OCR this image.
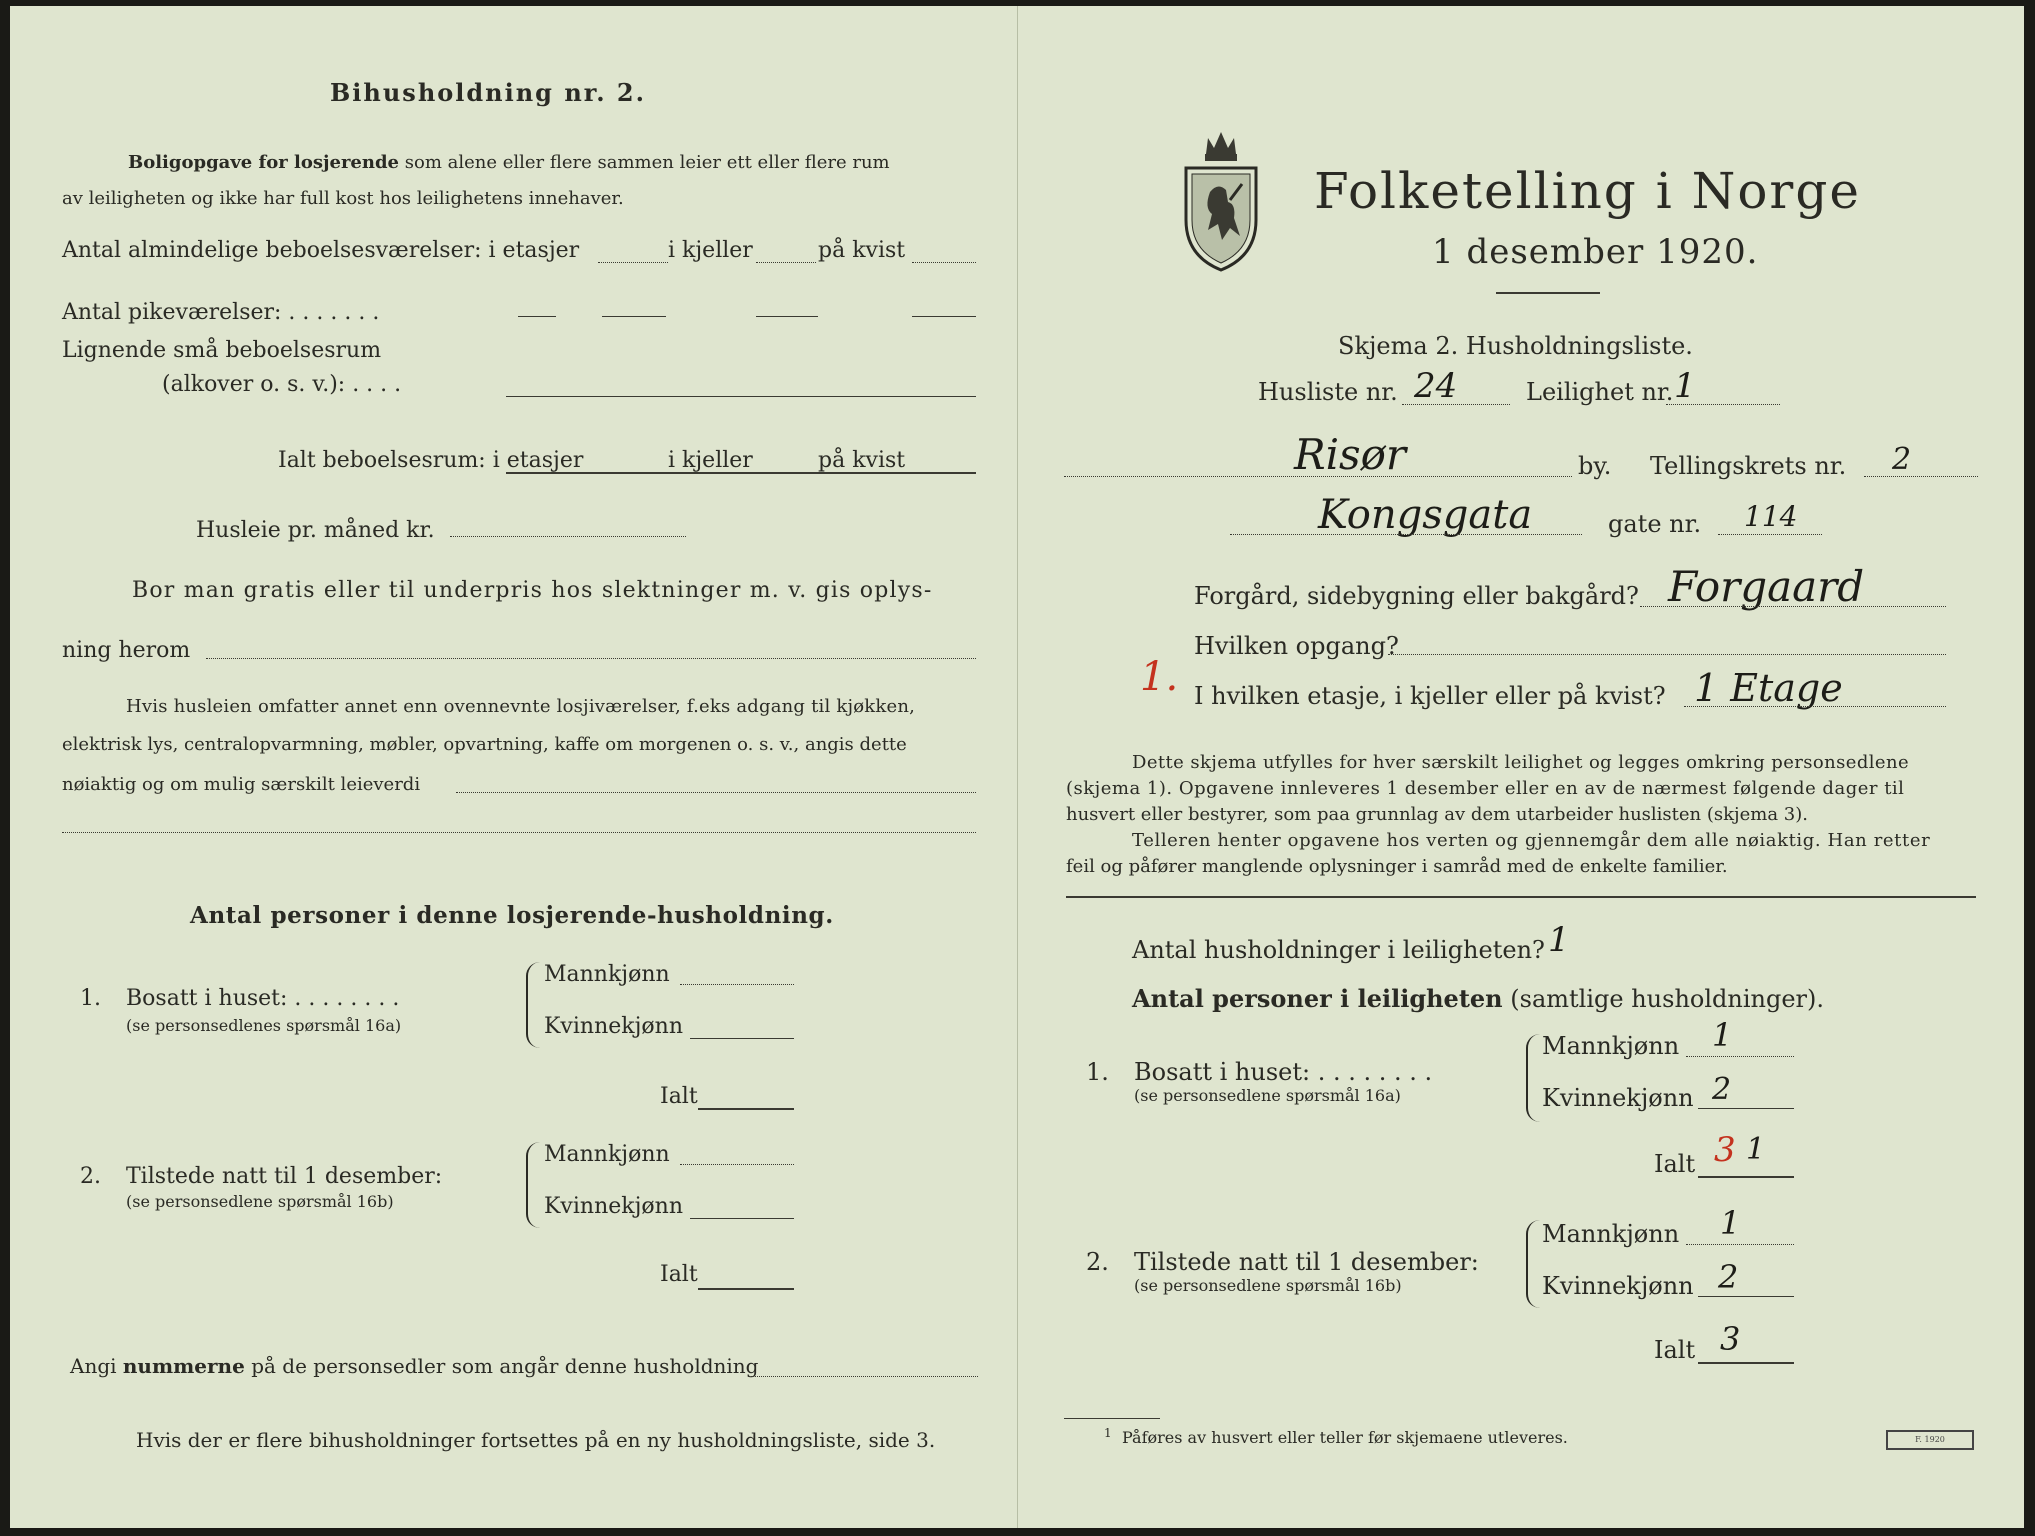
Bihusholdning nr. 2.
Boligopgave for losjerende som alene eller flere sammen leier ett eller flere rum
av leiligheten og ikke har full kost hos leilighetens innehaver.
Antal almindelige beboelsesværelser: i etasjer	i kjeller	på kvist
Antal pikeværelser: . . . . . . .
Lignende små beboelsesrum
(alkover o. s. v.): . . . .
Ialt beboelsesrum: i etasjer	i kjeller	på kvist
Husleie pr. måned kr.
Bor man gratis eller til underpris hos slektninger m. v. gis oplys-
ning herom
Hvis husleien omfatter annet enn ovennevnte losjiværelser, f.eks adgang til kjøkken,
elektrisk lys, centralopvarmning, møbler, opvartning, kaffe om morgenen o. s. v., angis dette
nøiaktig og om mulig særskilt leieverdi
Antal personer i denne losjerende-husholdning.
1. Bosatt i huset: . . . . . . . .
(se personsedlenes spørsmål 16a)
Mannkjønn
Kvinnekjønn
Ialt
2. Tilstede natt til 1 desember:
(se personsedlene spørsmål 16b)
Mannkjønn
Kvinnekjønn
Ialt
Angi nummerne på de personsedler som angår denne husholdning
Hvis der er flere bihusholdninger fortsettes på en ny husholdningsliste, side 3.
Folketelling i Norge
1 desember 1920.
Skjema 2. Husholdningsliste.
Husliste nr. 24	Leilighet nr. 1
Risør	by. Tellingskrets nr. 2
Kongsgata	gate nr. 114
Forgård, sidebygning eller bakgård? Forgaard
Hvilken opgang?
1. I hvilken etasje, i kjeller eller på kvist? 1 Etage
Dette skjema utfylles for hver særskilt leilighet og legges omkring personsedlene
(skjema 1). Opgavene innleveres 1 desember eller en av de nærmest følgende dager til
husvert eller bestyrer, som paa grunnlag av dem utarbeider huslisten (skjema 3).
Telleren henter opgavene hos verten og gjennemgår dem alle nøiaktig. Han retter
feil og påfører manglende oplysninger i samråd med de enkelte familier.
Antal husholdninger i leiligheten? 1
Antal personer i leiligheten (samtlige husholdninger).
1. Bosatt i huset: . . . . . . . .
(se personsedlene spørsmål 16a)
Mannkjønn 1
Kvinnekjønn 2
Ialt 3 1
2. Tilstede natt til 1 desember:
(se personsedlene spørsmål 16b)
Mannkjønn 1
Kvinnekjønn 2
Ialt 3
1 Påføres av husvert eller teller før skjemaene utleveres.	F. 1920
